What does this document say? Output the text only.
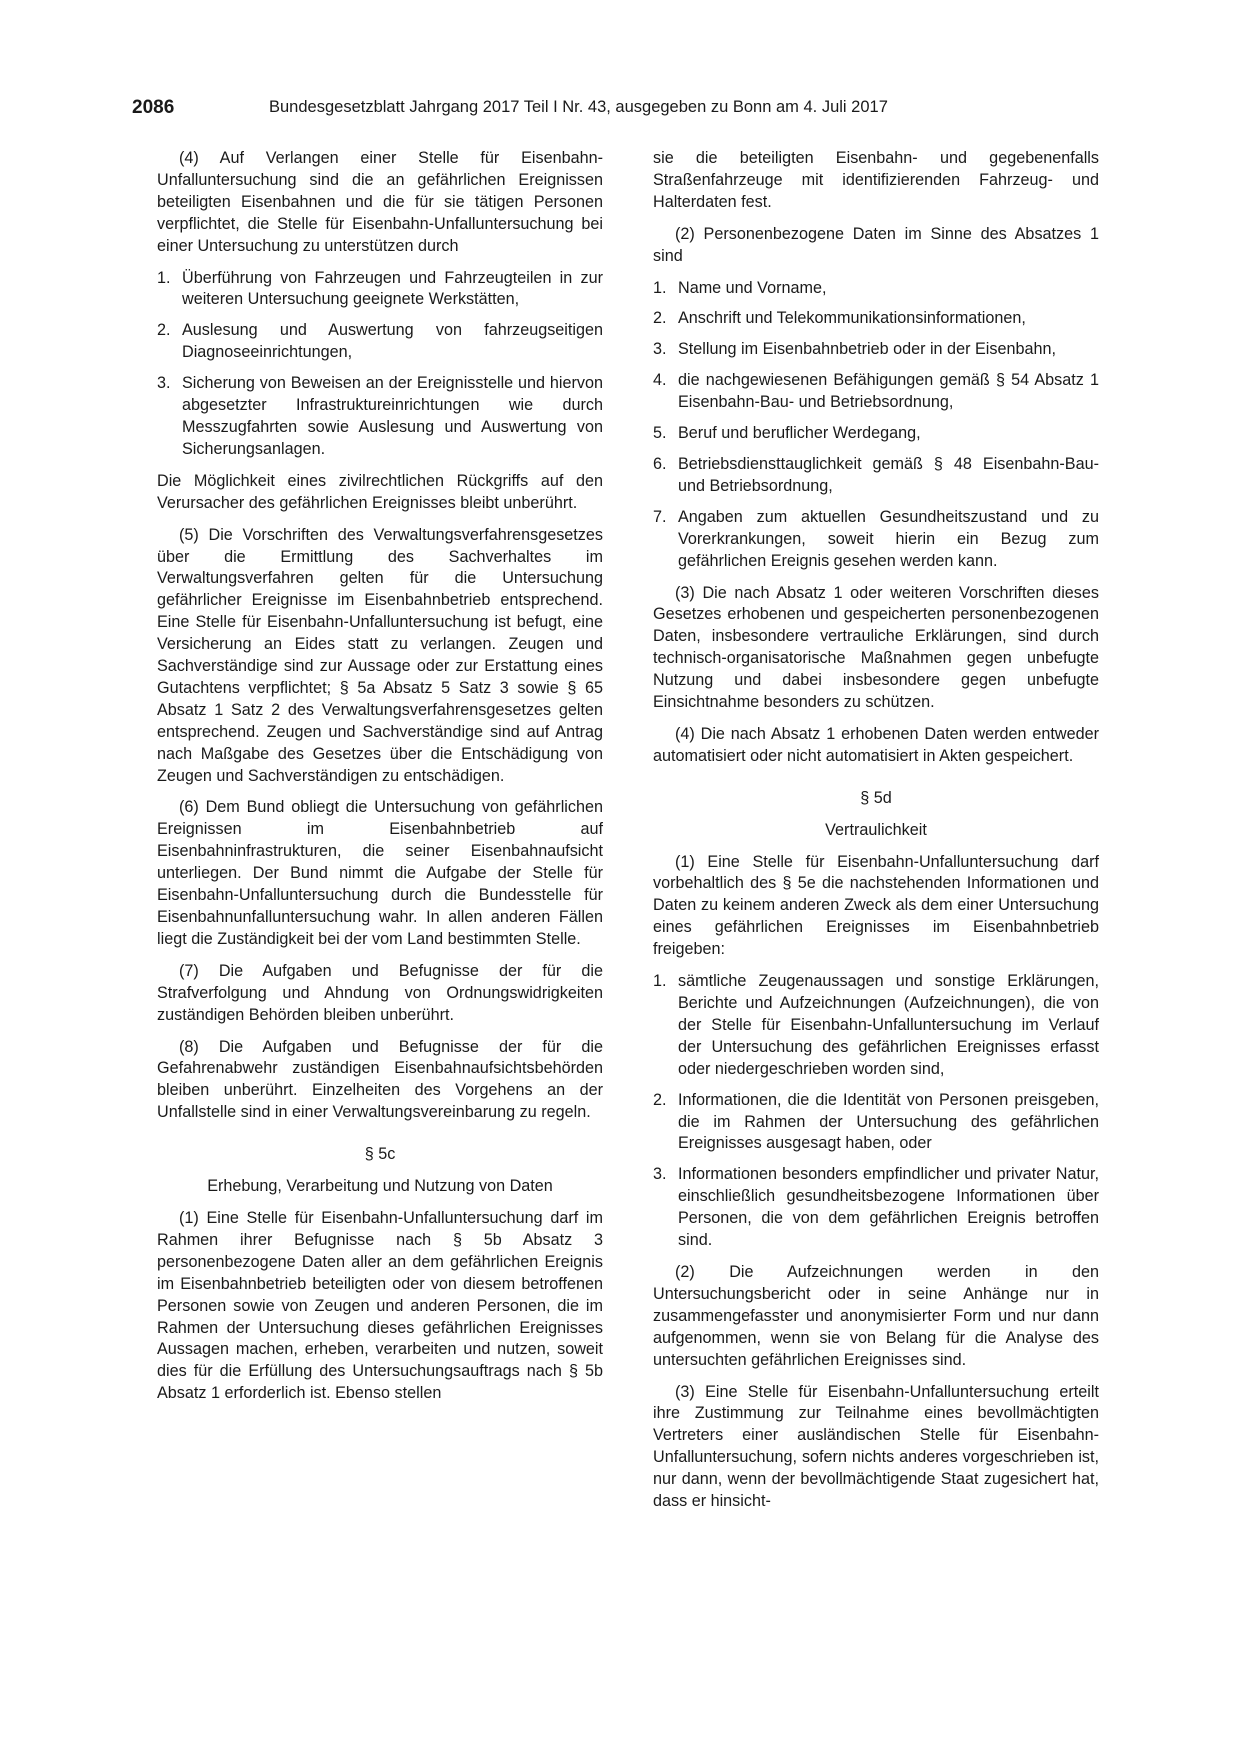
2086	Bundesgesetzblatt Jahrgang 2017 Teil I Nr. 43, ausgegeben zu Bonn am 4. Juli 2017

(4) Auf Verlangen einer Stelle für Eisenbahn-Unfalluntersuchung sind die an gefährlichen Ereignissen beteiligten Eisenbahnen und die für sie tätigen Personen verpflichtet, die Stelle für Eisenbahn-Unfalluntersuchung bei einer Untersuchung zu unterstützen durch

1. Überführung von Fahrzeugen und Fahrzeugteilen in zur weiteren Untersuchung geeignete Werkstätten,
2. Auslesung und Auswertung von fahrzeugseitigen Diagnoseeinrichtungen,
3. Sicherung von Beweisen an der Ereignisstelle und hiervon abgesetzter Infrastruktureinrichtungen wie durch Messzugfahrten sowie Auslesung und Auswertung von Sicherungsanlagen.

Die Möglichkeit eines zivilrechtlichen Rückgriffs auf den Verursacher des gefährlichen Ereignisses bleibt unberührt.

(5) Die Vorschriften des Verwaltungsverfahrensgesetzes über die Ermittlung des Sachverhaltes im Verwaltungsverfahren gelten für die Untersuchung gefährlicher Ereignisse im Eisenbahnbetrieb entsprechend. Eine Stelle für Eisenbahn-Unfalluntersuchung ist befugt, eine Versicherung an Eides statt zu verlangen. Zeugen und Sachverständige sind zur Aussage oder zur Erstattung eines Gutachtens verpflichtet; § 5a Absatz 5 Satz 3 sowie § 65 Absatz 1 Satz 2 des Verwaltungsverfahrensgesetzes gelten entsprechend. Zeugen und Sachverständige sind auf Antrag nach Maßgabe des Gesetzes über die Entschädigung von Zeugen und Sachverständigen zu entschädigen.

(6) Dem Bund obliegt die Untersuchung von gefährlichen Ereignissen im Eisenbahnbetrieb auf Eisenbahninfrastrukturen, die seiner Eisenbahnaufsicht unterliegen. Der Bund nimmt die Aufgabe der Stelle für Eisenbahn-Unfalluntersuchung durch die Bundesstelle für Eisenbahnunfalluntersuchung wahr. In allen anderen Fällen liegt die Zuständigkeit bei der vom Land bestimmten Stelle.

(7) Die Aufgaben und Befugnisse der für die Strafverfolgung und Ahndung von Ordnungswidrigkeiten zuständigen Behörden bleiben unberührt.

(8) Die Aufgaben und Befugnisse der für die Gefahrenabwehr zuständigen Eisenbahnaufsichtsbehörden bleiben unberührt. Einzelheiten des Vorgehens an der Unfallstelle sind in einer Verwaltungsvereinbarung zu regeln.

§ 5c

Erhebung, Verarbeitung und Nutzung von Daten

(1) Eine Stelle für Eisenbahn-Unfalluntersuchung darf im Rahmen ihrer Befugnisse nach § 5b Absatz 3 personenbezogene Daten aller an dem gefährlichen Ereignis im Eisenbahnbetrieb beteiligten oder von diesem betroffenen Personen sowie von Zeugen und anderen Personen, die im Rahmen der Untersuchung dieses gefährlichen Ereignisses Aussagen machen, erheben, verarbeiten und nutzen, soweit dies für die Erfüllung des Untersuchungsauftrags nach § 5b Absatz 1 erforderlich ist. Ebenso stellen

sie die beteiligten Eisenbahn- und gegebenenfalls Straßenfahrzeuge mit identifizierenden Fahrzeug- und Halterdaten fest.

(2) Personenbezogene Daten im Sinne des Absatzes 1 sind

1. Name und Vorname,
2. Anschrift und Telekommunikationsinformationen,
3. Stellung im Eisenbahnbetrieb oder in der Eisenbahn,
4. die nachgewiesenen Befähigungen gemäß § 54 Absatz 1 Eisenbahn-Bau- und Betriebsordnung,
5. Beruf und beruflicher Werdegang,
6. Betriebsdiensttauglichkeit gemäß § 48 Eisenbahn-Bau- und Betriebsordnung,
7. Angaben zum aktuellen Gesundheitszustand und zu Vorerkrankungen, soweit hierin ein Bezug zum gefährlichen Ereignis gesehen werden kann.

(3) Die nach Absatz 1 oder weiteren Vorschriften dieses Gesetzes erhobenen und gespeicherten personenbezogenen Daten, insbesondere vertrauliche Erklärungen, sind durch technisch-organisatorische Maßnahmen gegen unbefugte Nutzung und dabei insbesondere gegen unbefugte Einsichtnahme besonders zu schützen.

(4) Die nach Absatz 1 erhobenen Daten werden entweder automatisiert oder nicht automatisiert in Akten gespeichert.

§ 5d

Vertraulichkeit

(1) Eine Stelle für Eisenbahn-Unfalluntersuchung darf vorbehaltlich des § 5e die nachstehenden Informationen und Daten zu keinem anderen Zweck als dem einer Untersuchung eines gefährlichen Ereignisses im Eisenbahnbetrieb freigeben:

1. sämtliche Zeugenaussagen und sonstige Erklärungen, Berichte und Aufzeichnungen (Aufzeichnungen), die von der Stelle für Eisenbahn-Unfalluntersuchung im Verlauf der Untersuchung des gefährlichen Ereignisses erfasst oder niedergeschrieben worden sind,
2. Informationen, die die Identität von Personen preisgeben, die im Rahmen der Untersuchung des gefährlichen Ereignisses ausgesagt haben, oder
3. Informationen besonders empfindlicher und privater Natur, einschließlich gesundheitsbezogene Informationen über Personen, die von dem gefährlichen Ereignis betroffen sind.

(2) Die Aufzeichnungen werden in den Untersuchungsbericht oder in seine Anhänge nur in zusammengefasster und anonymisierter Form und nur dann aufgenommen, wenn sie von Belang für die Analyse des untersuchten gefährlichen Ereignisses sind.

(3) Eine Stelle für Eisenbahn-Unfalluntersuchung erteilt ihre Zustimmung zur Teilnahme eines bevollmächtigten Vertreters einer ausländischen Stelle für Eisenbahn-Unfalluntersuchung, sofern nichts anderes vorgeschrieben ist, nur dann, wenn der bevollmächtigende Staat zugesichert hat, dass er hinsicht-
